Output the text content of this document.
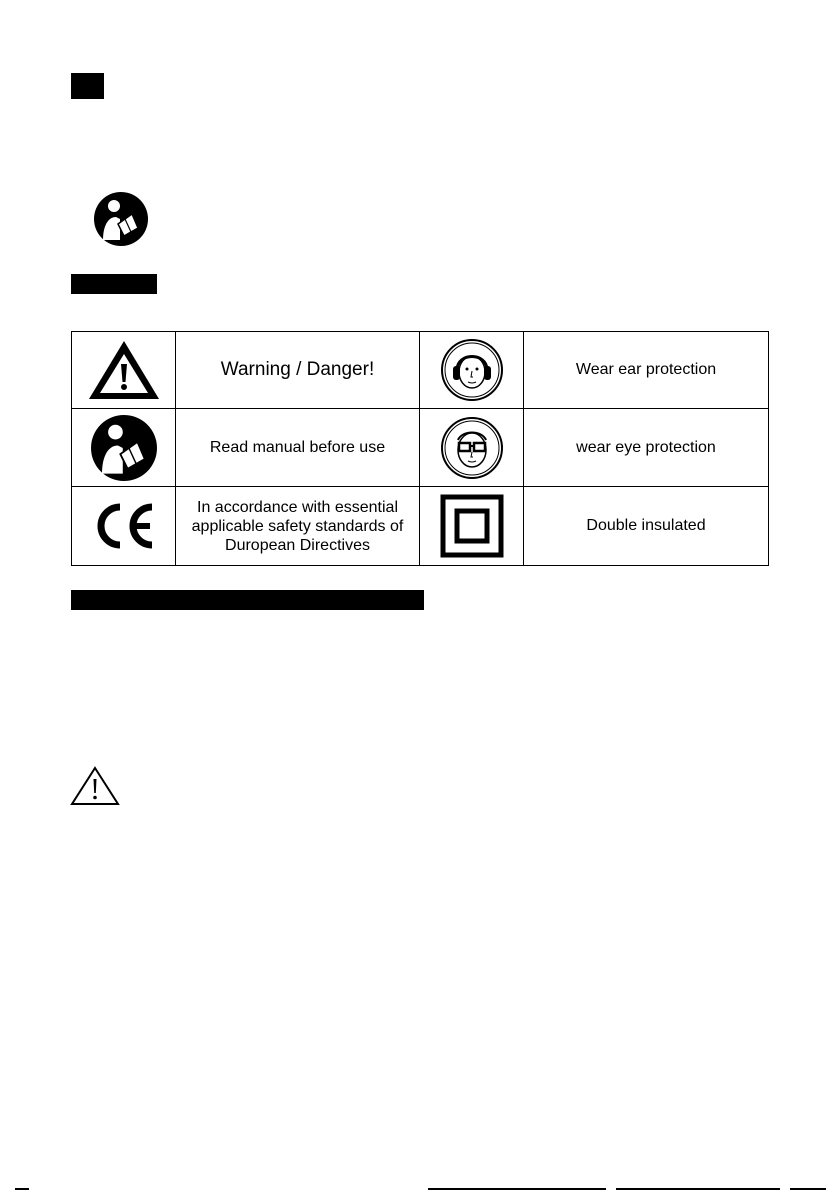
	Warning / Danger!		Wear ear protection

	Read manual before use		wear eye protection

In accordance with essential
applicable safety standards of
Duropean Directives		Double insulated
